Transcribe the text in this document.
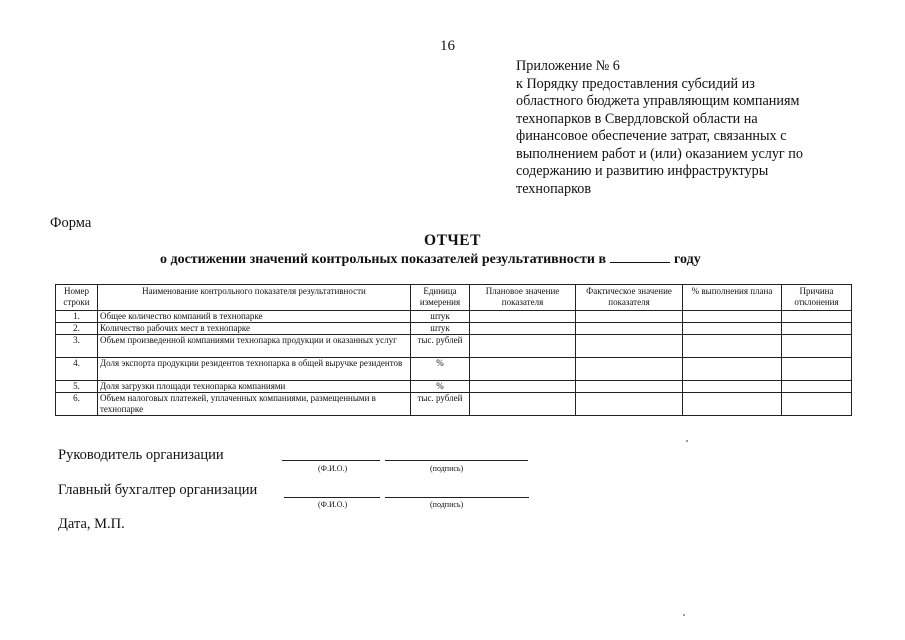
16
Приложение № 6
к Порядку предоставления субсидий из
областного бюджета управляющим компаниям
технопарков в Свердловской области на
финансовое обеспечение затрат, связанных с
выполнением работ и (или) оказанием услуг по
содержанию и развитию инфраструктуры
технопарков
Форма
ОТЧЕТ
о достижении значений контрольных показателей результативности в	году
Номер строки	Наименование контрольного показателя результативности	Единица измерения	Плановое значение показателя	Фактическое значение показателя	% выполнения плана	Причина отклонения
1.	Общее количество компаний в технопарке	штук				
2.	Количество рабочих мест в технопарке	штук				
3.	Объем произведенной компаниями технопарка продукции и оказанных услуг	тыс. рублей				
4.	Доля экспорта продукции резидентов технопарка в общей выручке резидентов	%				
5.	Доля загрузки площади технопарка компаниями	%				
6.	Объем налоговых платежей, уплаченных компаниями, размещенными в технопарке	тыс. рублей				
Руководитель организации
(Ф.И.О.)	(подпись)
Главный бухгалтер организации
(Ф.И.О.)	(подпись)
Дата, М.П.
